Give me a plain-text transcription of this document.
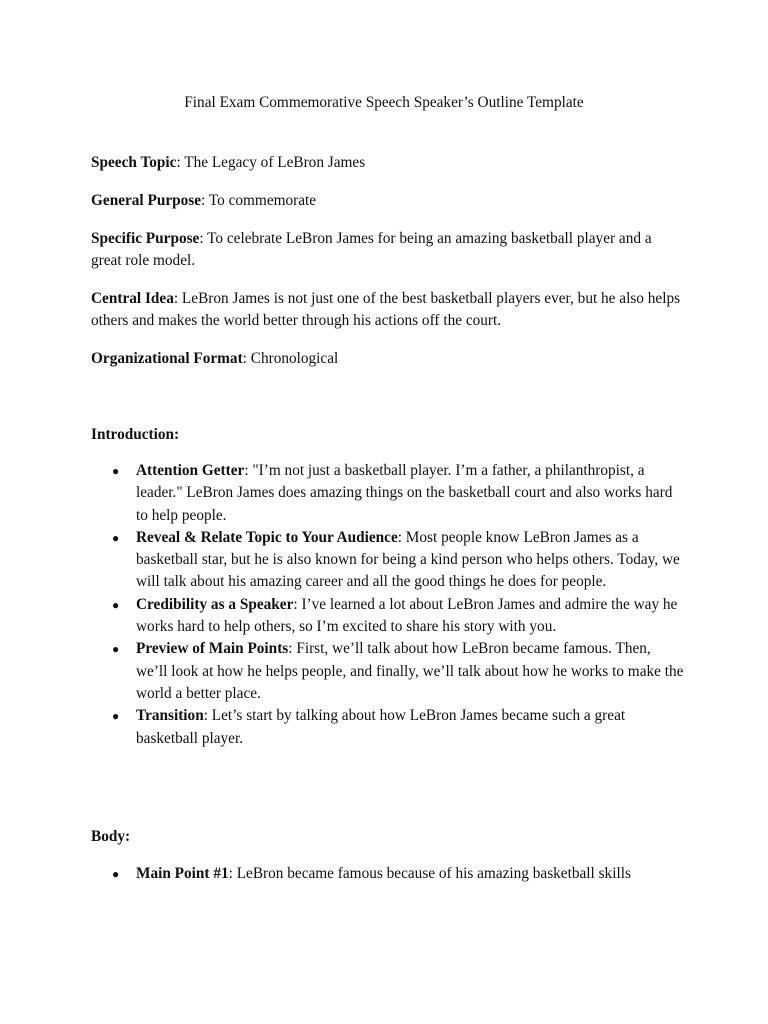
Final Exam Commemorative Speech Speaker’s Outline Template

Speech Topic: The Legacy of LeBron James

General Purpose: To commemorate

Specific Purpose: To celebrate LeBron James for being an amazing basketball player and a great role model.

Central Idea: LeBron James is not just one of the best basketball players ever, but he also helps others and makes the world better through his actions off the court.

Organizational Format: Chronological

Introduction:
● Attention Getter: "I’m not just a basketball player. I’m a father, a philanthropist, a leader." LeBron James does amazing things on the basketball court and also works hard to help people.
● Reveal & Relate Topic to Your Audience: Most people know LeBron James as a basketball star, but he is also known for being a kind person who helps others. Today, we will talk about his amazing career and all the good things he does for people.
● Credibility as a Speaker: I’ve learned a lot about LeBron James and admire the way he works hard to help others, so I’m excited to share his story with you.
● Preview of Main Points: First, we’ll talk about how LeBron became famous. Then, we’ll look at how he helps people, and finally, we’ll talk about how he works to make the world a better place.
● Transition: Let’s start by talking about how LeBron James became such a great basketball player.
Body:
● Main Point #1: LeBron became famous because of his amazing basketball skills
